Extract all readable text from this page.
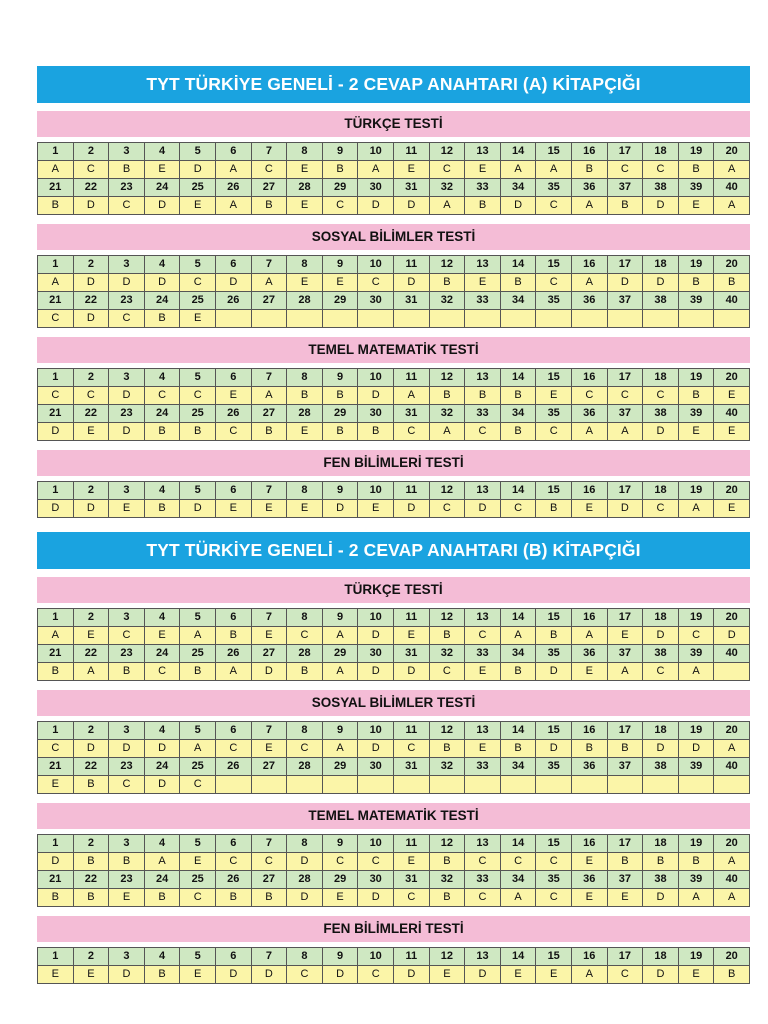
TYT TÜRKİYE GENELİ - 2 CEVAP ANAHTARI (A) KİTAPÇIĞI
TÜRKÇE TESTİ
1	2	3	4	5	6	7	8	9	10	11	12	13	14	15	16	17	18	19	20
A	C	B	E	D	A	C	E	B	A	E	C	E	A	A	B	C	C	B	A
21	22	23	24	25	26	27	28	29	30	31	32	33	34	35	36	37	38	39	40
B	D	C	D	E	A	B	E	C	D	D	A	B	D	C	A	B	D	E	A
SOSYAL BİLİMLER TESTİ
1	2	3	4	5	6	7	8	9	10	11	12	13	14	15	16	17	18	19	20
A	D	D	D	C	D	A	E	E	C	D	B	E	B	C	A	D	D	B	B
21	22	23	24	25	26	27	28	29	30	31	32	33	34	35	36	37	38	39	40
C	D	C	B	E
TEMEL MATEMATİK TESTİ
1	2	3	4	5	6	7	8	9	10	11	12	13	14	15	16	17	18	19	20
C	C	D	C	C	E	A	B	B	D	A	B	B	B	E	C	C	C	B	E
21	22	23	24	25	26	27	28	29	30	31	32	33	34	35	36	37	38	39	40
D	E	D	B	B	C	B	E	B	B	C	A	C	B	C	A	A	D	E	E
FEN BİLİMLERİ TESTİ
1	2	3	4	5	6	7	8	9	10	11	12	13	14	15	16	17	18	19	20
D	D	E	B	D	E	E	E	D	E	D	C	D	C	B	E	D	C	A	E
TYT TÜRKİYE GENELİ - 2 CEVAP ANAHTARI (B) KİTAPÇIĞI
TÜRKÇE TESTİ
1	2	3	4	5	6	7	8	9	10	11	12	13	14	15	16	17	18	19	20
A	E	C	E	A	B	E	C	A	D	E	B	C	A	B	A	E	D	C	D
21	22	23	24	25	26	27	28	29	30	31	32	33	34	35	36	37	38	39	40
B	A	B	C	B	A	D	B	A	D	D	C	E	B	D	E	A	C	A
SOSYAL BİLİMLER TESTİ
1	2	3	4	5	6	7	8	9	10	11	12	13	14	15	16	17	18	19	20
C	D	D	D	A	C	E	C	A	D	C	B	E	B	D	B	B	D	D	A
21	22	23	24	25	26	27	28	29	30	31	32	33	34	35	36	37	38	39	40
E	B	C	D	C
TEMEL MATEMATİK TESTİ
1	2	3	4	5	6	7	8	9	10	11	12	13	14	15	16	17	18	19	20
D	B	B	A	E	C	C	D	C	C	E	B	C	C	C	E	B	B	B	A
21	22	23	24	25	26	27	28	29	30	31	32	33	34	35	36	37	38	39	40
B	B	E	B	C	B	B	D	E	D	C	B	C	A	C	E	E	D	A	A
FEN BİLİMLERİ TESTİ
1	2	3	4	5	6	7	8	9	10	11	12	13	14	15	16	17	18	19	20
E	E	D	B	E	D	D	C	D	C	D	E	D	E	E	A	C	D	E	B
